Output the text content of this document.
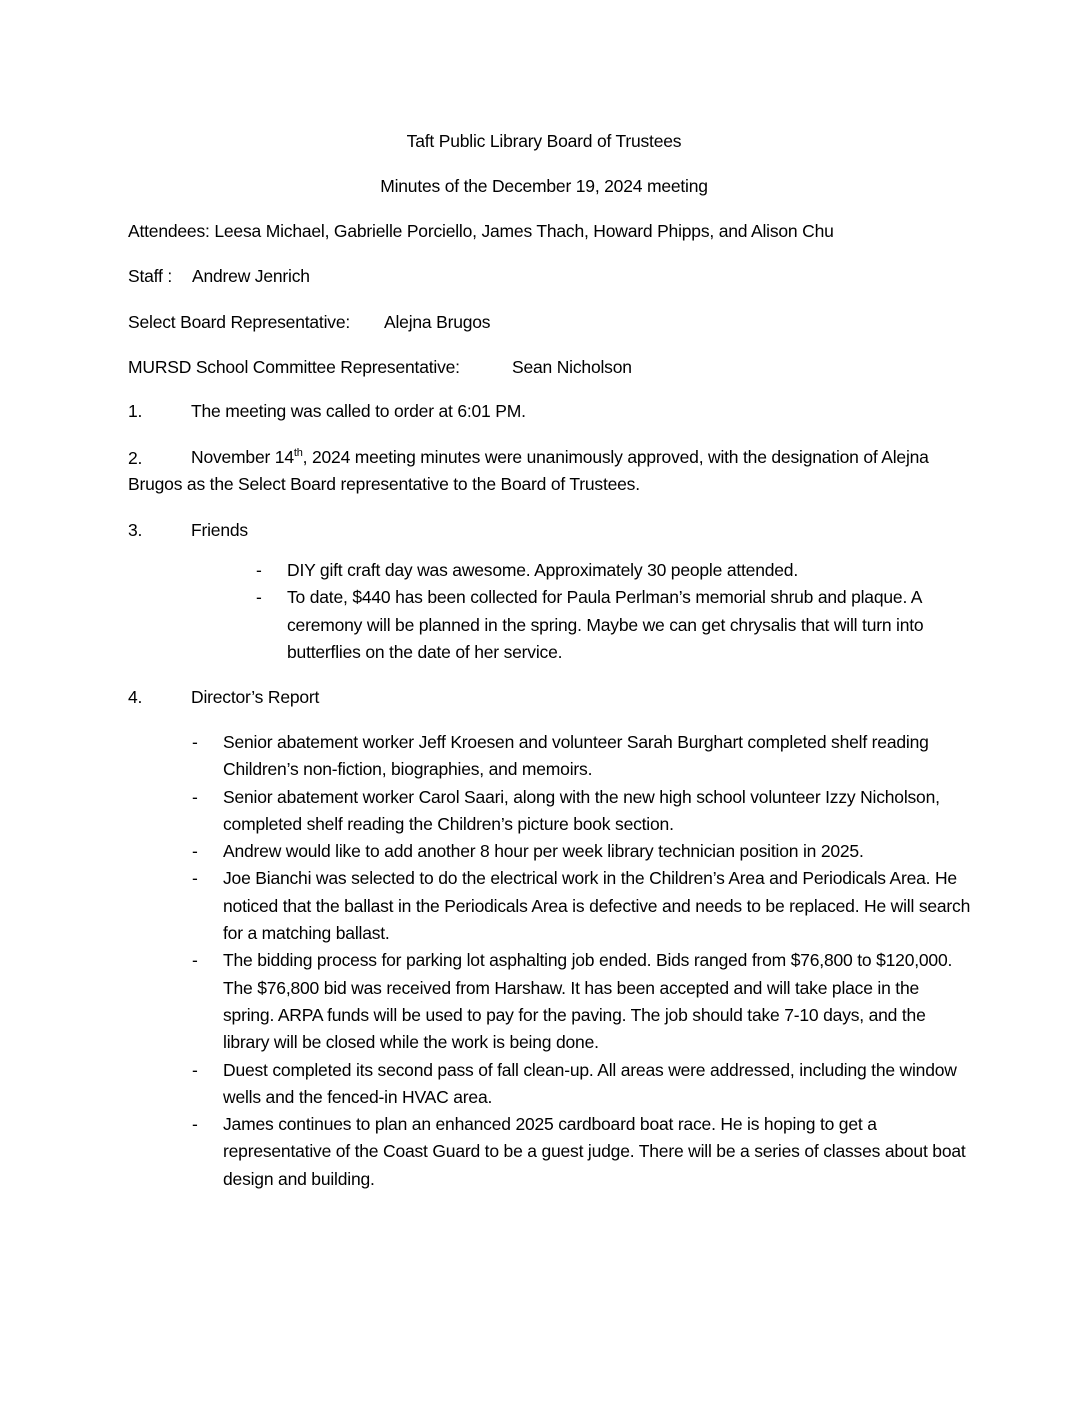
Taft Public Library Board of Trustees
Minutes of the December 19, 2024 meeting
Attendees: Leesa Michael, Gabrielle Porciello, James Thach, Howard Phipps, and Alison Chu
Staff : Andrew Jenrich
Select Board Representative: Alejna Brugos
MURSD School Committee Representative:	Sean Nicholson
1.	The meeting was called to order at 6:01 PM.
2.	November 14th, 2024 meeting minutes were unanimously approved, with the designation of Alejna Brugos as the Select Board representative to the Board of Trustees.
3.	Friends
- DIY gift craft day was awesome. Approximately 30 people attended.
- To date, $440 has been collected for Paula Perlman’s memorial shrub and plaque. A ceremony will be planned in the spring. Maybe we can get chrysalis that will turn into butterflies on the date of her service.
4.	Director’s Report
- Senior abatement worker Jeff Kroesen and volunteer Sarah Burghart completed shelf reading Children’s non-fiction, biographies, and memoirs.
- Senior abatement worker Carol Saari, along with the new high school volunteer Izzy Nicholson, completed shelf reading the Children’s picture book section.
- Andrew would like to add another 8 hour per week library technician position in 2025.
- Joe Bianchi was selected to do the electrical work in the Children’s Area and Periodicals Area. He noticed that the ballast in the Periodicals Area is defective and needs to be replaced. He will search for a matching ballast.
- The bidding process for parking lot asphalting job ended. Bids ranged from $76,800 to $120,000. The $76,800 bid was received from Harshaw. It has been accepted and will take place in the spring. ARPA funds will be used to pay for the paving. The job should take 7-10 days, and the library will be closed while the work is being done.
- Duest completed its second pass of fall clean-up. All areas were addressed, including the window wells and the fenced-in HVAC area.
- James continues to plan an enhanced 2025 cardboard boat race. He is hoping to get a representative of the Coast Guard to be a guest judge. There will be a series of classes about boat design and building.
